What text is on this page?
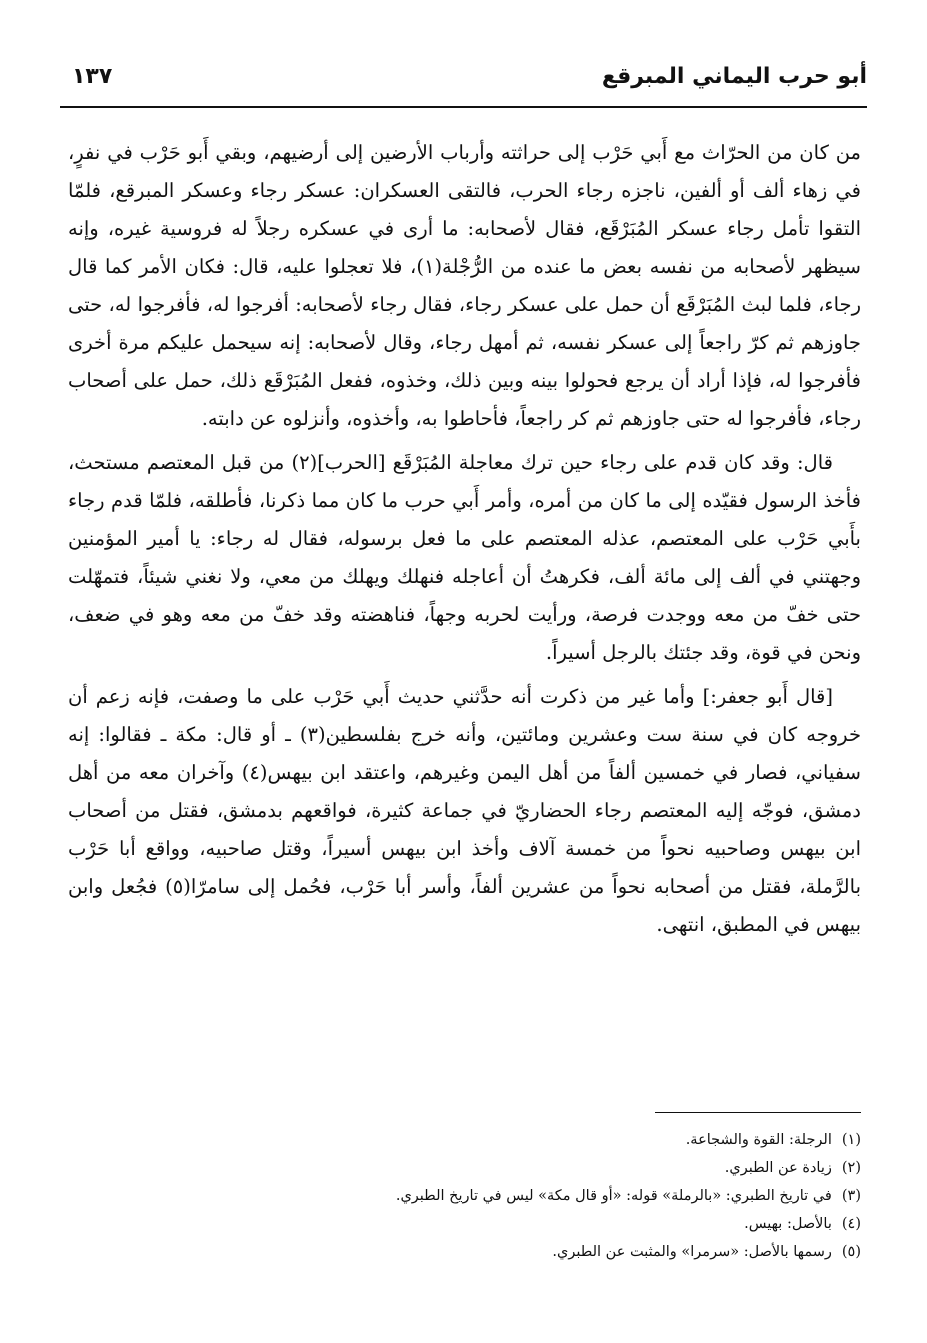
أبو حرب اليماني المبرقع
١٣٧

من كان من الحرّاث مع أَبي حَرْب إلى حراثته وأرباب الأرضين إلى أرضيهم، وبقي أَبو حَرْب في نفرٍ، في زهاء ألف أو ألفين، ناجزه رجاء الحرب، فالتقى العسكران: عسكر رجاء وعسكر المبرقع، فلمّا التقوا تأمل رجاء عسكر المُبَرْقَع، فقال لأصحابه: ما أرى في عسكره رجلاً له فروسية غيره، وإنه سيظهر لأصحابه من نفسه بعض ما عنده من الرُّجْلة(١)، فلا تعجلوا عليه، قال: فكان الأمر كما قال رجاء، فلما لبث المُبَرْقَع أن حمل على عسكر رجاء، فقال رجاء لأصحابه: أفرجوا له، فأفرجوا له، حتى جاوزهم ثم كرّ راجعاً إلى عسكر نفسه، ثم أمهل رجاء، وقال لأصحابه: إنه سيحمل عليكم مرة أخرى فأفرجوا له، فإذا أراد أن يرجع فحولوا بينه وبين ذلك، وخذوه، ففعل المُبَرْقَع ذلك، حمل على أصحاب رجاء، فأفرجوا له حتى جاوزهم ثم كر راجعاً، فأحاطوا به، وأخذوه، وأنزلوه عن دابته.

قال: وقد كان قدم على رجاء حين ترك معاجلة المُبَرْقَع [الحرب](٢) من قبل المعتصم مستحث، فأخذ الرسول فقيّده إلى ما كان من أمره، وأمر أَبي حرب ما كان مما ذكرنا، فأطلقه، فلمّا قدم رجاء بأَبي حَرْب على المعتصم، عذله المعتصم على ما فعل برسوله، فقال له رجاء: يا أمير المؤمنين وجهتني في ألف إلى مائة ألف، فكرهتُ أن أعاجله فنهلك ويهلك من معي، ولا نغني شيئاً، فتمهّلت حتى خفّ من معه ووجدت فرصة، ورأيت لحربه وجهاً، فناهضته وقد خفّ من معه وهو في ضعف، ونحن في قوة، وقد جئتك بالرجل أسيراً.

[قال أَبو جعفر:] وأما غير من ذكرت أنه حدَّثني حديث أَبي حَرْب على ما وصفت، فإنه زعم أن خروجه كان في سنة ست وعشرين ومائتين، وأنه خرج بفلسطين(٣) ـ أو قال: مكة ـ فقالوا: إنه سفياني، فصار في خمسين ألفاً من أهل اليمن وغيرهم، واعتقد ابن بيهس(٤) وآخران معه من أهل دمشق، فوجّه إليه المعتصم رجاء الحضاريّ في جماعة كثيرة، فواقعهم بدمشق، فقتل من أصحاب ابن بيهس وصاحبيه نحواً من خمسة آلاف وأخذ ابن بيهس أسيراً، وقتل صاحبيه، وواقع أبا حَرْب بالرَّملة، فقتل من أصحابه نحواً من عشرين ألفاً، وأسر أبا حَرْب، فحُمل إلى سامرّا(٥) فجُعل وابن بيهس في المطبق، انتهى.

(١)الرجلة: القوة والشجاعة.
(٢)زيادة عن الطبري.
(٣)في تاريخ الطبري: «بالرملة» قوله: «أو قال مكة» ليس في تاريخ الطبري.
(٤)بالأصل: بهيس.
(٥)رسمها بالأصل: «سرمرا» والمثبت عن الطبري.
